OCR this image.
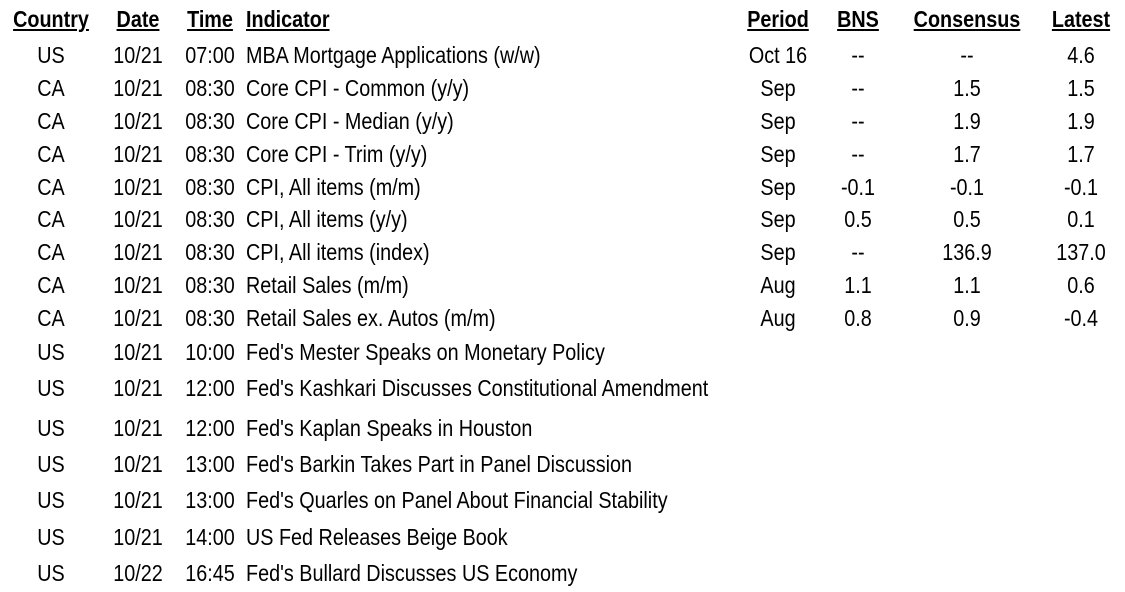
Country Date Time Indicator	Period BNS Consensus Latest
US 10/21 07:00 MBA Mortgage Applications (w/w)	Oct 16 --	--	4.6
CA 10/21 08:30 Core CPI - Common (y/y)	Sep --	1.5	1.5
CA 10/21 08:30 Core CPI - Median (y/y)	Sep --	1.9	1.9
CA 10/21 08:30 Core CPI - Trim (y/y)	Sep --	1.7	1.7
CA 10/21 08:30 CPI, All items (m/m)	Sep -0.1	-0.1	-0.1
CA 10/21 08:30 CPI, All items (y/y)	Sep 0.5	0.5	0.1
CA 10/21 08:30 CPI, All items (index)	Sep --	136.9	137.0
CA 10/21 08:30 Retail Sales (m/m)	Aug 1.1	1.1	0.6
CA 10/21 08:30 Retail Sales ex. Autos (m/m)	Aug 0.8	0.9	-0.4
US 10/21 10:00 Fed's Mester Speaks on Monetary Policy
US 10/21 12:00 Fed's Kashkari Discusses Constitutional Amendment
US 10/21 12:00 Fed's Kaplan Speaks in Houston
US 10/21 13:00 Fed's Barkin Takes Part in Panel Discussion
US 10/21 13:00 Fed's Quarles on Panel About Financial Stability
US 10/21 14:00 US Fed Releases Beige Book
US 10/22 16:45 Fed's Bullard Discusses US Economy
